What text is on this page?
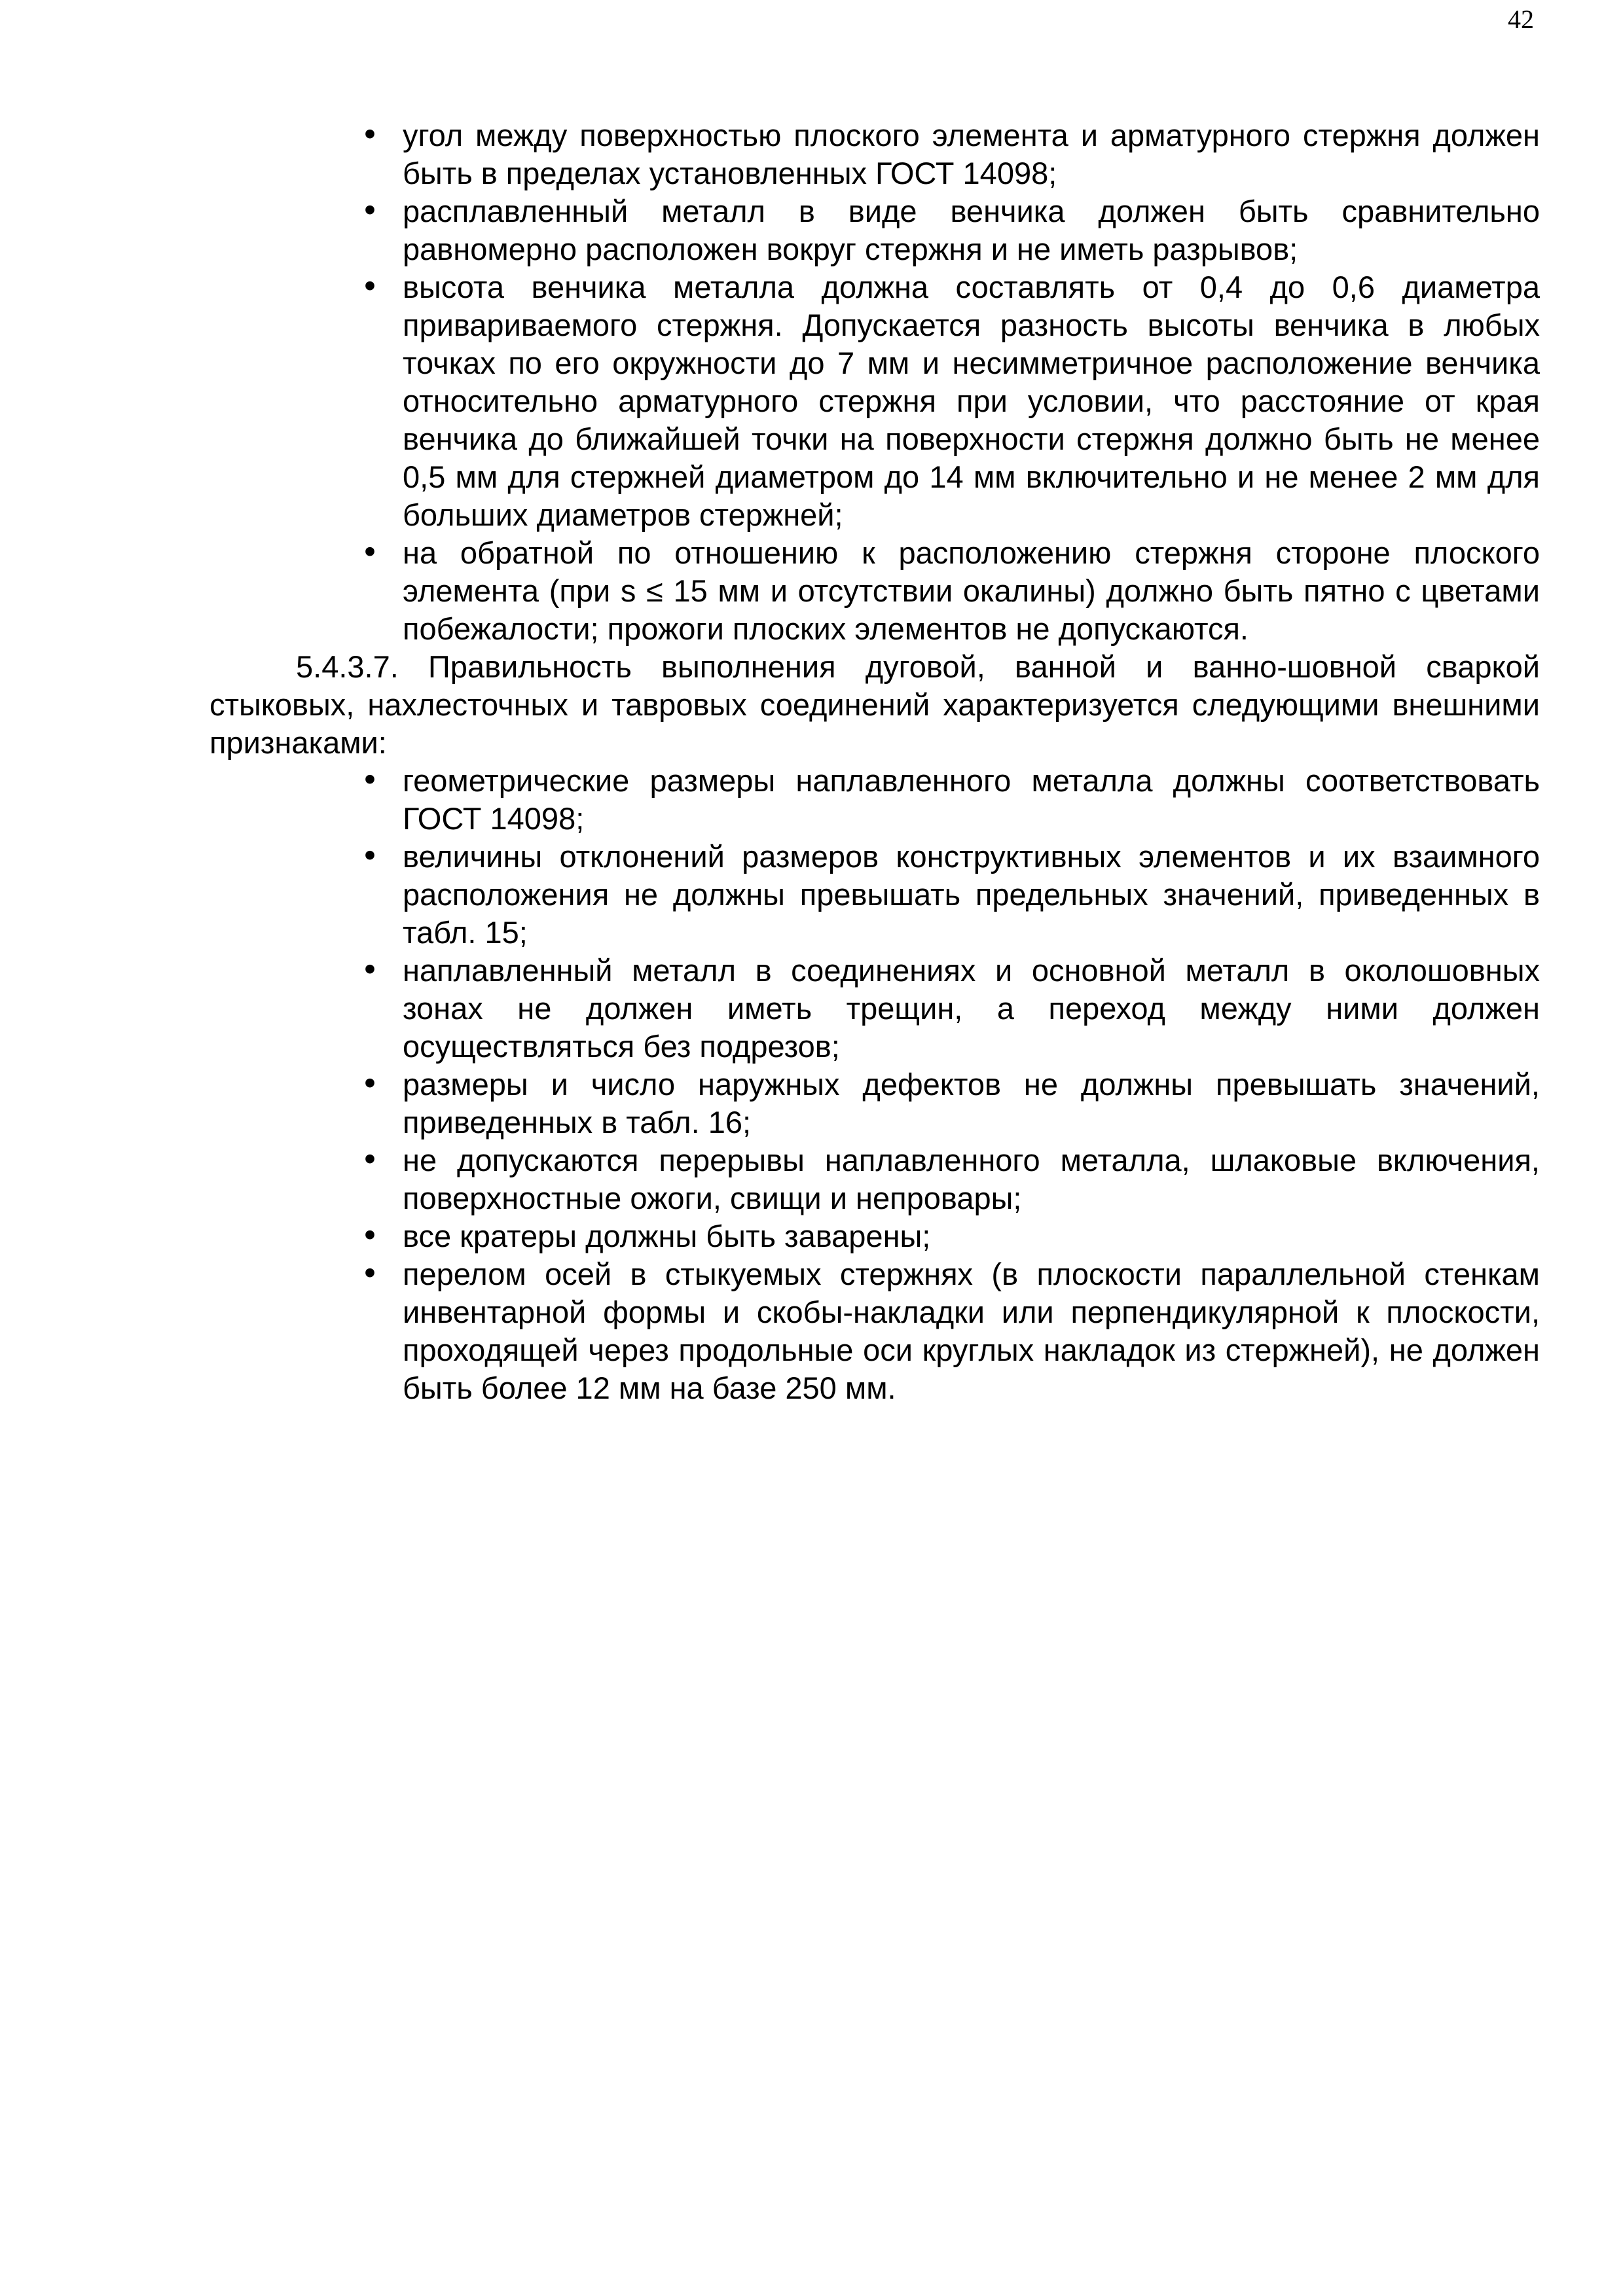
42
• угол между поверхностью плоского элемента и арматурного стержня должен быть в пределах установленных ГОСТ 14098;
• расплавленный металл в виде венчика должен быть сравнительно равномерно расположен вокруг стержня и не иметь разрывов;
• высота венчика металла должна составлять от 0,4 до 0,6 диаметра привариваемого стержня. Допускается разность высоты венчика в любых точках по его окружности до 7 мм и несимметричное расположение венчика относительно арматурного стержня при условии, что расстояние от края венчика до ближайшей точки на поверхности стержня должно быть не менее 0,5 мм для стержней диаметром до 14 мм включительно и не менее 2 мм для больших диаметров стержней;
• на обратной по отношению к расположению стержня стороне плоского элемента (при s ≤ 15 мм и отсутствии окалины) должно быть пятно с цветами побежалости; прожоги плоских элементов не допускаются.

5.4.3.7. Правильность выполнения дуговой, ванной и ванно-шовной сваркой стыковых, нахлесточных и тавровых соединений характеризуется следующими внешними признаками:

• геометрические размеры наплавленного металла должны соответствовать ГОСТ 14098;
• величины отклонений размеров конструктивных элементов и их взаимного расположения не должны превышать предельных значений, приведенных в табл. 15;
• наплавленный металл в соединениях и основной металл в околошовных зонах не должен иметь трещин, а переход между ними должен осуществляться без подрезов;
• размеры и число наружных дефектов не должны превышать значений, приведенных в табл. 16;
• не допускаются перерывы наплавленного металла, шлаковые включения, поверхностные ожоги, свищи и непровары;
• все кратеры должны быть заварены;
• перелом осей в стыкуемых стержнях (в плоскости параллельной стенкам инвентарной формы и скобы-накладки или перпендикулярной к плоскости, проходящей через продольные оси круглых накладок из стержней), не должен быть более 12 мм на базе 250 мм.
